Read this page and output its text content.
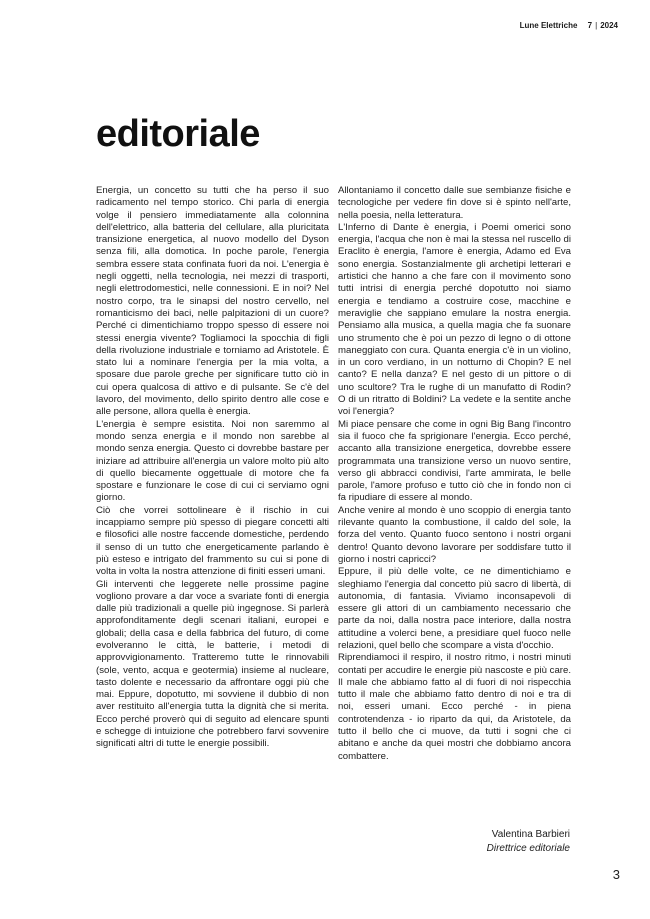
Lune Elettriche 7 | 2024
editoriale

Energia, un concetto su tutti che ha perso il suo radicamento nel tempo storico. Chi parla di energia volge il pensiero immediatamente alla colonnina dell'elettrico, alla batteria del cellulare, alla pluricitata transizione energetica, al nuovo modello del Dyson senza fili, alla domotica. In poche parole, l'energia sembra essere stata confinata fuori da noi. L'energia è negli oggetti, nella tecnologia, nei mezzi di trasporti, negli elettrodomestici, nelle connessioni. E in noi? Nel nostro corpo, tra le sinapsi del nostro cervello, nel romanticismo dei baci, nelle palpitazioni di un cuore? Perché ci dimentichiamo troppo spesso di essere noi stessi energia vivente? Togliamoci la spocchia di figli della rivoluzione industriale e torniamo ad Aristotele. È stato lui a nominare l'energia per la mia volta, a sposare due parole greche per significare tutto ciò in cui opera qualcosa di attivo e di pulsante. Se c'è del lavoro, del movimento, dello spirito dentro alle cose e alle persone, allora quella è energia.

L'energia è sempre esistita. Noi non saremmo al mondo senza energia e il mondo non sarebbe al mondo senza energia. Questo ci dovrebbe bastare per iniziare ad attribuire all'energia un valore molto più alto di quello biecamente oggettuale di motore che fa spostare e funzionare le cose di cui ci serviamo ogni giorno.

Ciò che vorrei sottolineare è il rischio in cui incappiamo sempre più spesso di piegare concetti alti e filosofici alle nostre faccende domestiche, perdendo il senso di un tutto che energeticamente parlando è più esteso e intrigato del frammento su cui si pone di volta in volta la nostra attenzione di finiti esseri umani.

Gli interventi che leggerete nelle prossime pagine vogliono provare a dar voce a svariate fonti di energia dalle più tradizionali a quelle più ingegnose. Si parlerà approfonditamente degli scenari italiani, europei e globali; della casa e della fabbrica del futuro, di come evolveranno le città, le batterie, i metodi di approvvigionamento. Tratteremo tutte le rinnovabili (sole, vento, acqua e geotermia) insieme al nucleare, tasto dolente e necessario da affrontare oggi più che mai. Eppure, dopotutto, mi sovviene il dubbio di non aver restituito all'energia tutta la dignità che si merita. Ecco perché proverò qui di seguito ad elencare spunti e schegge di intuizione che potrebbero farvi sovvenire significati altri di tutte le energie possibili.

Allontaniamo il concetto dalle sue sembianze fisiche e tecnologiche per vedere fin dove si è spinto nell'arte, nella poesia, nella letteratura.

L'Inferno di Dante è energia, i Poemi omerici sono energia, l'acqua che non è mai la stessa nel ruscello di Eraclito è energia, l'amore è energia, Adamo ed Eva sono energia. Sostanzialmente gli archetipi letterari e artistici che hanno a che fare con il movimento sono tutti intrisi di energia perché dopotutto noi siamo energia e tendiamo a costruire cose, macchine e meraviglie che sappiano emulare la nostra energia. Pensiamo alla musica, a quella magia che fa suonare uno strumento che è poi un pezzo di legno o di ottone maneggiato con cura. Quanta energia c'è in un violino, in un coro verdiano, in un notturno di Chopin? E nel canto? E nella danza? E nel gesto di un pittore o di uno scultore? Tra le rughe di un manufatto di Rodin? O di un ritratto di Boldini? La vedete e la sentite anche voi l'energia?

Mi piace pensare che come in ogni Big Bang l'incontro sia il fuoco che fa sprigionare l'energia. Ecco perché, accanto alla transizione energetica, dovrebbe essere programmata una transizione verso un nuovo sentire, verso gli abbracci condivisi, l'arte ammirata, le belle parole, l'amore profuso e tutto ciò che in fondo non ci fa ripudiare di essere al mondo.

Anche venire al mondo è uno scoppio di energia tanto rilevante quanto la combustione, il caldo del sole, la forza del vento. Quanto fuoco sentono i nostri organi dentro! Quanto devono lavorare per soddisfare tutto il giorno i nostri capricci?

Eppure, il più delle volte, ce ne dimentichiamo e sleghiamo l'energia dal concetto più sacro di libertà, di autonomia, di fantasia. Viviamo inconsapevoli di essere gli attori di un cambiamento necessario che parte da noi, dalla nostra pace interiore, dalla nostra attitudine a volerci bene, a presidiare quel fuoco nelle relazioni, quel bello che scompare a vista d'occhio.

Riprendiamoci il respiro, il nostro ritmo, i nostri minuti contati per accudire le energie più nascoste e più care. Il male che abbiamo fatto al di fuori di noi rispecchia tutto il male che abbiamo fatto dentro di noi e tra di noi, esseri umani. Ecco perché - in piena controtendenza - io riparto da qui, da Aristotele, da tutto il bello che ci muove, da tutti i sogni che ci abitano e anche da quei mostri che dobbiamo ancora combattere.

Valentina Barbieri
Direttrice editoriale
3
